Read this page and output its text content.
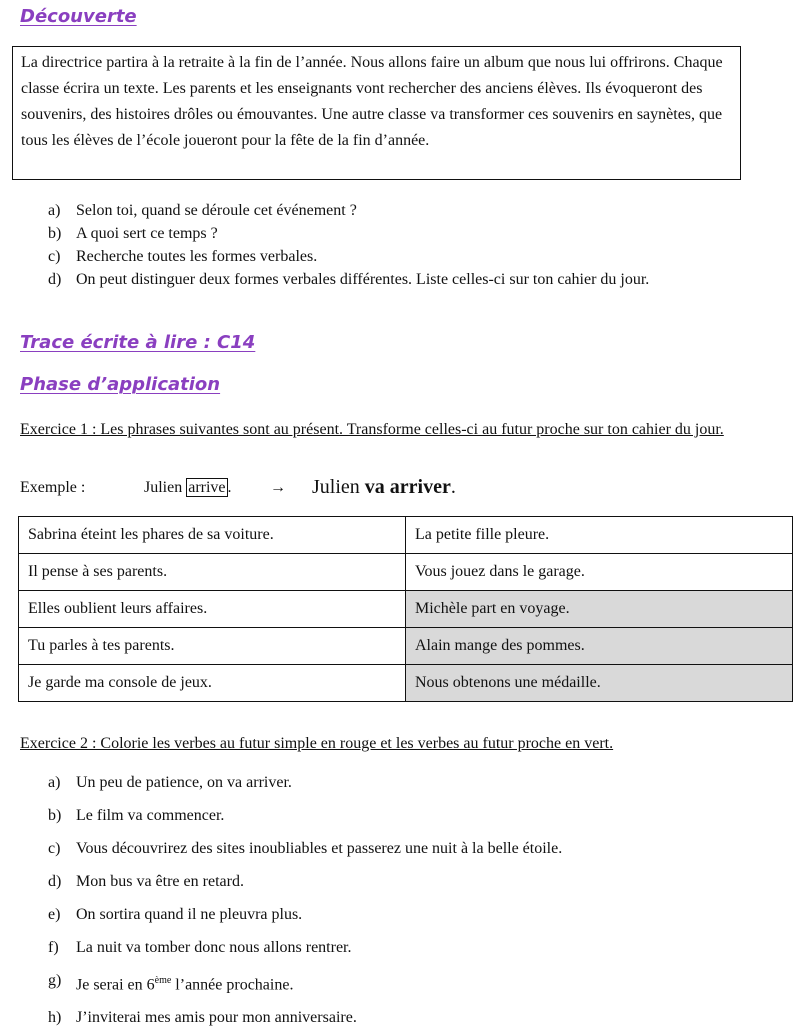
Découverte

La directrice partira à la retraite à la fin de l’année. Nous allons faire un album que nous lui offrirons. Chaque classe écrira un texte. Les parents et les enseignants vont rechercher des anciens élèves. Ils évoqueront des souvenirs, des histoires drôles ou émouvantes. Une autre classe va transformer ces souvenirs en saynètes, que tous les élèves de l’école joueront pour la fête de la fin d’année.

a) Selon toi, quand se déroule cet événement ?
b) A quoi sert ce temps ?
c) Recherche toutes les formes verbales.
d) On peut distinguer deux formes verbales différentes. Liste celles-ci sur ton cahier du jour.
Trace écrite à lire : C14
Phase d’application

Exercice 1 : Les phrases suivantes sont au présent. Transforme celles-ci au futur proche sur ton cahier du jour.

Exemple :	Julien arrive . → Julien va arriver.
Sabrina éteint les phares de sa voiture.	La petite fille pleure.
Il pense à ses parents.	Vous jouez dans le garage.
Elles oublient leurs affaires.	Michèle part en voyage.
Tu parles à tes parents.	Alain mange des pommes.
Je garde ma console de jeux.	Nous obtenons une médaille.

Exercice 2 : Colorie les verbes au futur simple en rouge et les verbes au futur proche en vert.

a) Un peu de patience, on va arriver.
b) Le film va commencer.
c) Vous découvrirez des sites inoubliables et passerez une nuit à la belle étoile.
d) Mon bus va être en retard.
e) On sortira quand il ne pleuvra plus.
f) La nuit va tomber donc nous allons rentrer.
g) Je serai en 6ème l’année prochaine.
h) J’inviterai mes amis pour mon anniversaire.
